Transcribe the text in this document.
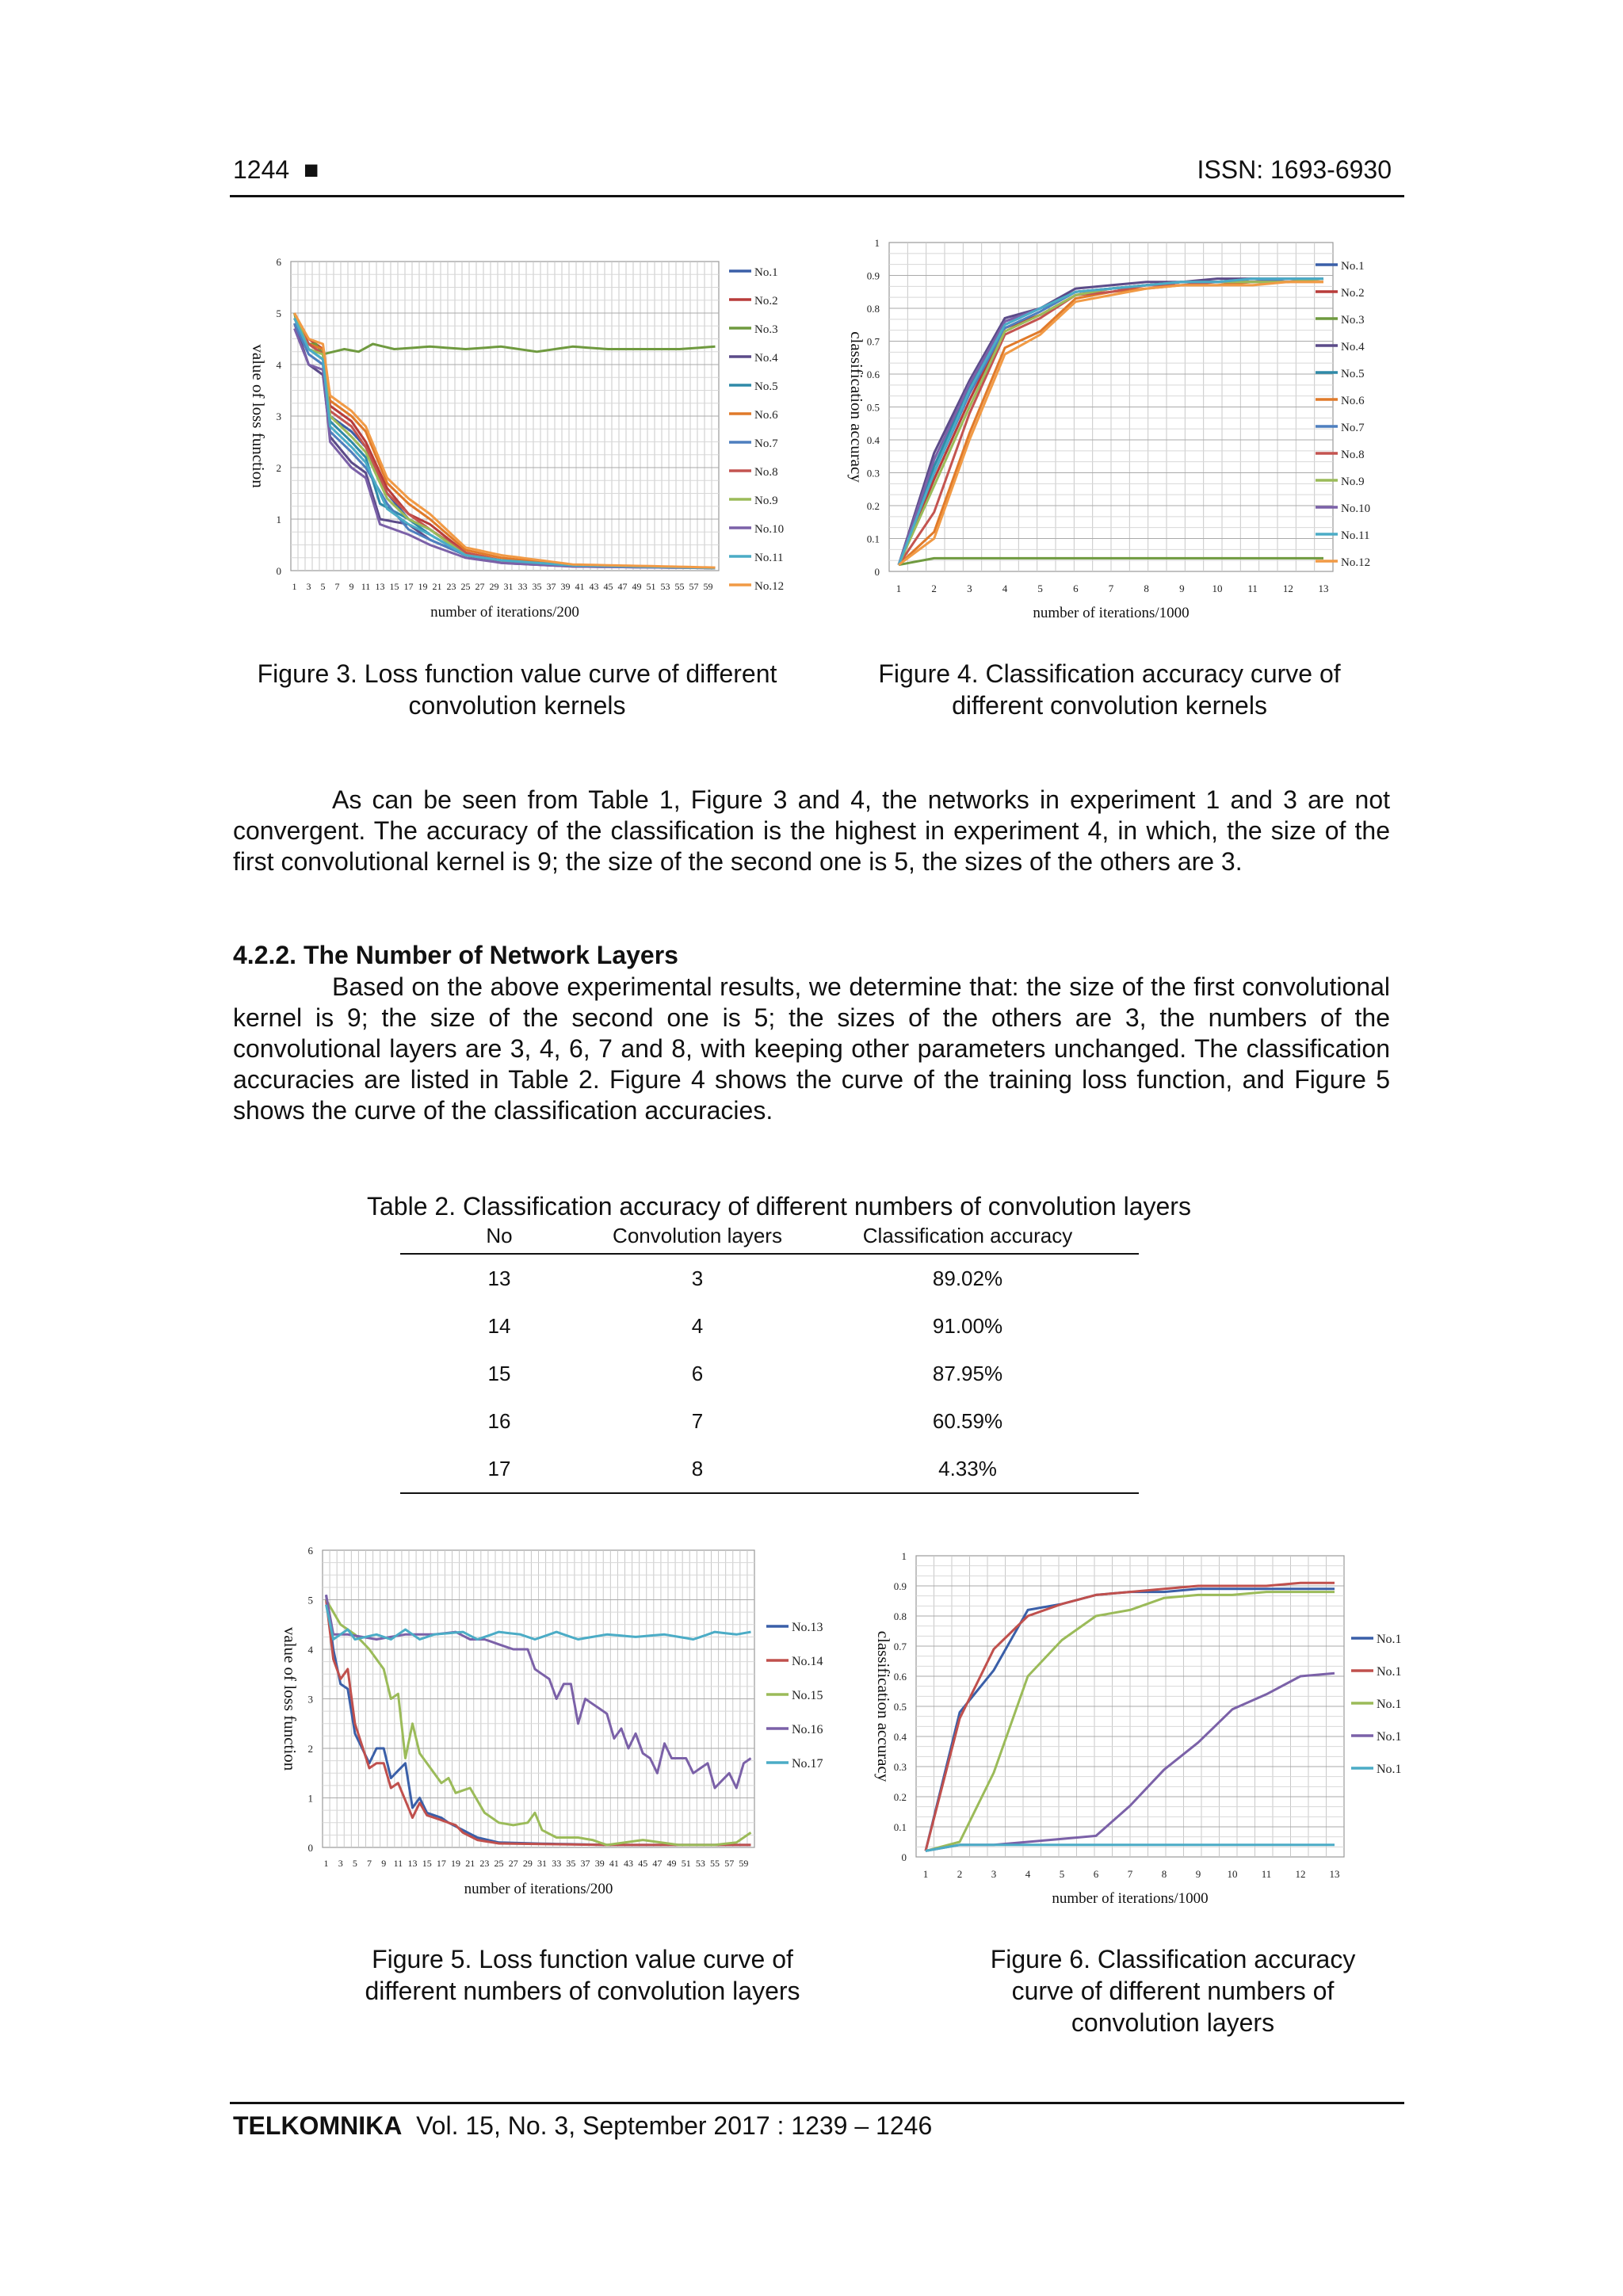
1244 ■	ISSN: 1693-6930
0
1
2
3
4
5
6
1 3 5 7 9 11 13 15 17 19 21 23 25 27 29 31 33 35 37 39 41 43 45 47 49 51 53 55 57 59
number of iterations/200
value of loss function
No.1
No.2
No.3
No.4
No.5
No.6
No.7
No.8
No.9
No.10
No.11
No.12
0
0.1
0.2
0.3
0.4
0.5
0.6
0.7
0.8
0.9
1
1	2	3	4	5	6	7	8	9	10 11 12 13
number of iterations/1000
classification accuracy
No.1
No.2
No.3
No.4
No.5
No.6
No.7
No.8
No.9
No.10
No.11
No.12
Figure 3. Loss function value curve of different
convolution kernels
Figure 4. Classification accuracy curve of
different convolution kernels
As can be seen from Table 1, Figure 3 and 4, the networks in experiment 1 and 3 are not convergent. The accuracy of the classification is the highest in experiment 4, in which, the size of the first convolutional kernel is 9; the size of the second one is 5, the sizes of the others are 3.
4.2.2. The Number of Network Layers
Based on the above experimental results, we determine that: the size of the first convolutional kernel is 9; the size of the second one is 5; the sizes of the others are 3, the numbers of the convolutional layers are 3, 4, 6, 7 and 8, with keeping other parameters unchanged. The classification accuracies are listed in Table 2. Figure 4 shows the curve of the training loss function, and Figure 5 shows the curve of the classification accuracies.
Table 2. Classification accuracy of different numbers of convolution layers
No	Convolution layers	Classification accuracy
13	3	89.02%
14	4	91.00%
15	6	87.95%
16	7	60.59%
17	8	4.33%
0
1
2
3
4
5
6
1 3 5 7 9 11 13 15 17 19 21 23 25 27 29 31 33 35 37 39 41 43 45 47 49 51 53 55 57 59
number of iterations/200
value of loss function	No.13
No.14
No.15
No.16
No.17
0
0.1
0.2
0.3
0.4
0.5
0.6
0.7
0.8
0.9
1
1	2	3	4	5	6	7	8	9	10 11 12 13
number of iterations/1000
classification accuracy	No.1
No.1
No.1
No.1
No.1
Figure 5. Loss function value curve of
different numbers of convolution layers
Figure 6. Classification accuracy
curve of different numbers of
convolution layers
TELKOMNIKA Vol. 15, No. 3, September 2017 : 1239 – 1246
